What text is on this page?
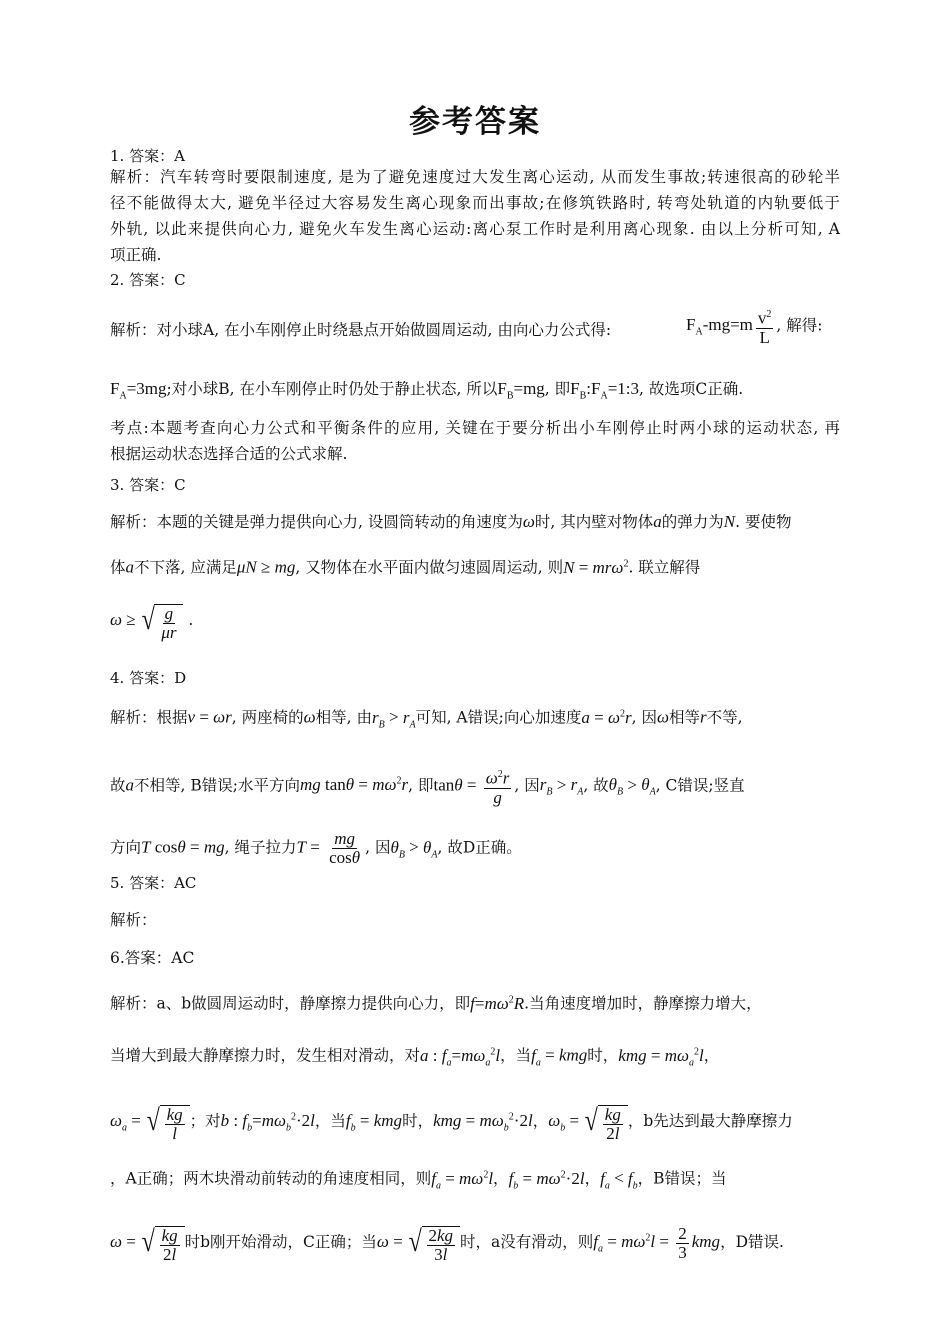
参考答案
1. 答案：A
解析：汽车转弯时要限制速度, 是为了避免速度过大发生离心运动, 从而发生事故;转速很高的砂轮半
径不能做得太大, 避免半径过大容易发生离心现象而出事故;在修筑铁路时, 转弯处轨道的内轨要低于
外轨, 以此来提供向心力, 避免火车发生离心运动:离心泵工作时是利用离心现象. 由以上分析可知, A
项正确.
2. 答案：C
解析：对小球A, 在小车刚停止时绕悬点开始做圆周运动, 由向心力公式得:	$F_A-mg=m \frac{v^2}{L}$ , 解得:
$F_A=3mg$;对小球B, 在小车刚停止时仍处于静止状态, 所以$F_B=mg$, 即$F_B:F_A=1:3$, 故选项C正确.
考点:本题考查向心力公式和平衡条件的应用, 关键在于要分析出小车刚停止时两小球的运动状态, 再
根据运动状态选择合适的公式求解.
3. 答案：C
解析：本题的关键是弹力提供向心力, 设圆筒转动的角速度为ω时, 其内壁对物体a的弹力为N. 要使物
体a不下落, 应满足μN ≥ mg, 又物体在水平面内做匀速圆周运动, 则N = mrω$^2$. 联立解得
ω ≥ √ $\frac{g}{\mu r}$ .
4. 答案：D
解析：根据v = ωr, 两座椅的ω相等, 由$r_B > r_A$可知, A错误;向心加速度$a = \omega^2r$, 因ω相等r不等,
故a不相等, B错误;水平方向mg $\tan\theta = m\omega^2r$, 即$\tan\theta = \frac{\omega^2r}{g}$ , 因$r_B > r_A$, 故$\theta_B > \theta_A$, C错误;竖直
方向T cosθ = mg, 绳子拉力$T = \frac{mg}{\cos\theta}$ , 因$\theta_B > \theta_A$, 故D正确。
5. 答案：AC
解析：
6.答案：AC
解析：a、b做圆周运动时，静摩擦力提供向心力，即$f=m\omega^2R$.当角速度增加时，静摩擦力增大，
当增大到最大静摩擦力时，发生相对滑动，对a : $f_a=m\omega_a^2l$，当$f_a$ = kmg时，kmg = $m\omega_a^2l$，
$\omega_a$ = √ $\frac{kg}{l}$ ；对b : $f_b=m\omega_b^2\cdot 2l$，当$f_b$ = kmg时，kmg = $m\omega_b^2\cdot 2l$，$\omega_b$ = √ $\frac{kg}{2l}$ ，b先达到最大静摩擦力
，A正确；两木块滑动前转动的角速度相同，则$f_a = m\omega^2l$，$f_b = m\omega^2\cdot 2l$，$f_a < f_b$，B错误；当
ω = √ $\frac{kg}{2l}$ 时b刚开始滑动，C正确；当ω = √ $\frac{2kg}{3l}$ 时，a没有滑动，则$f_a = m\omega^2l = \frac{2}{3}$ kmg，D错误.
